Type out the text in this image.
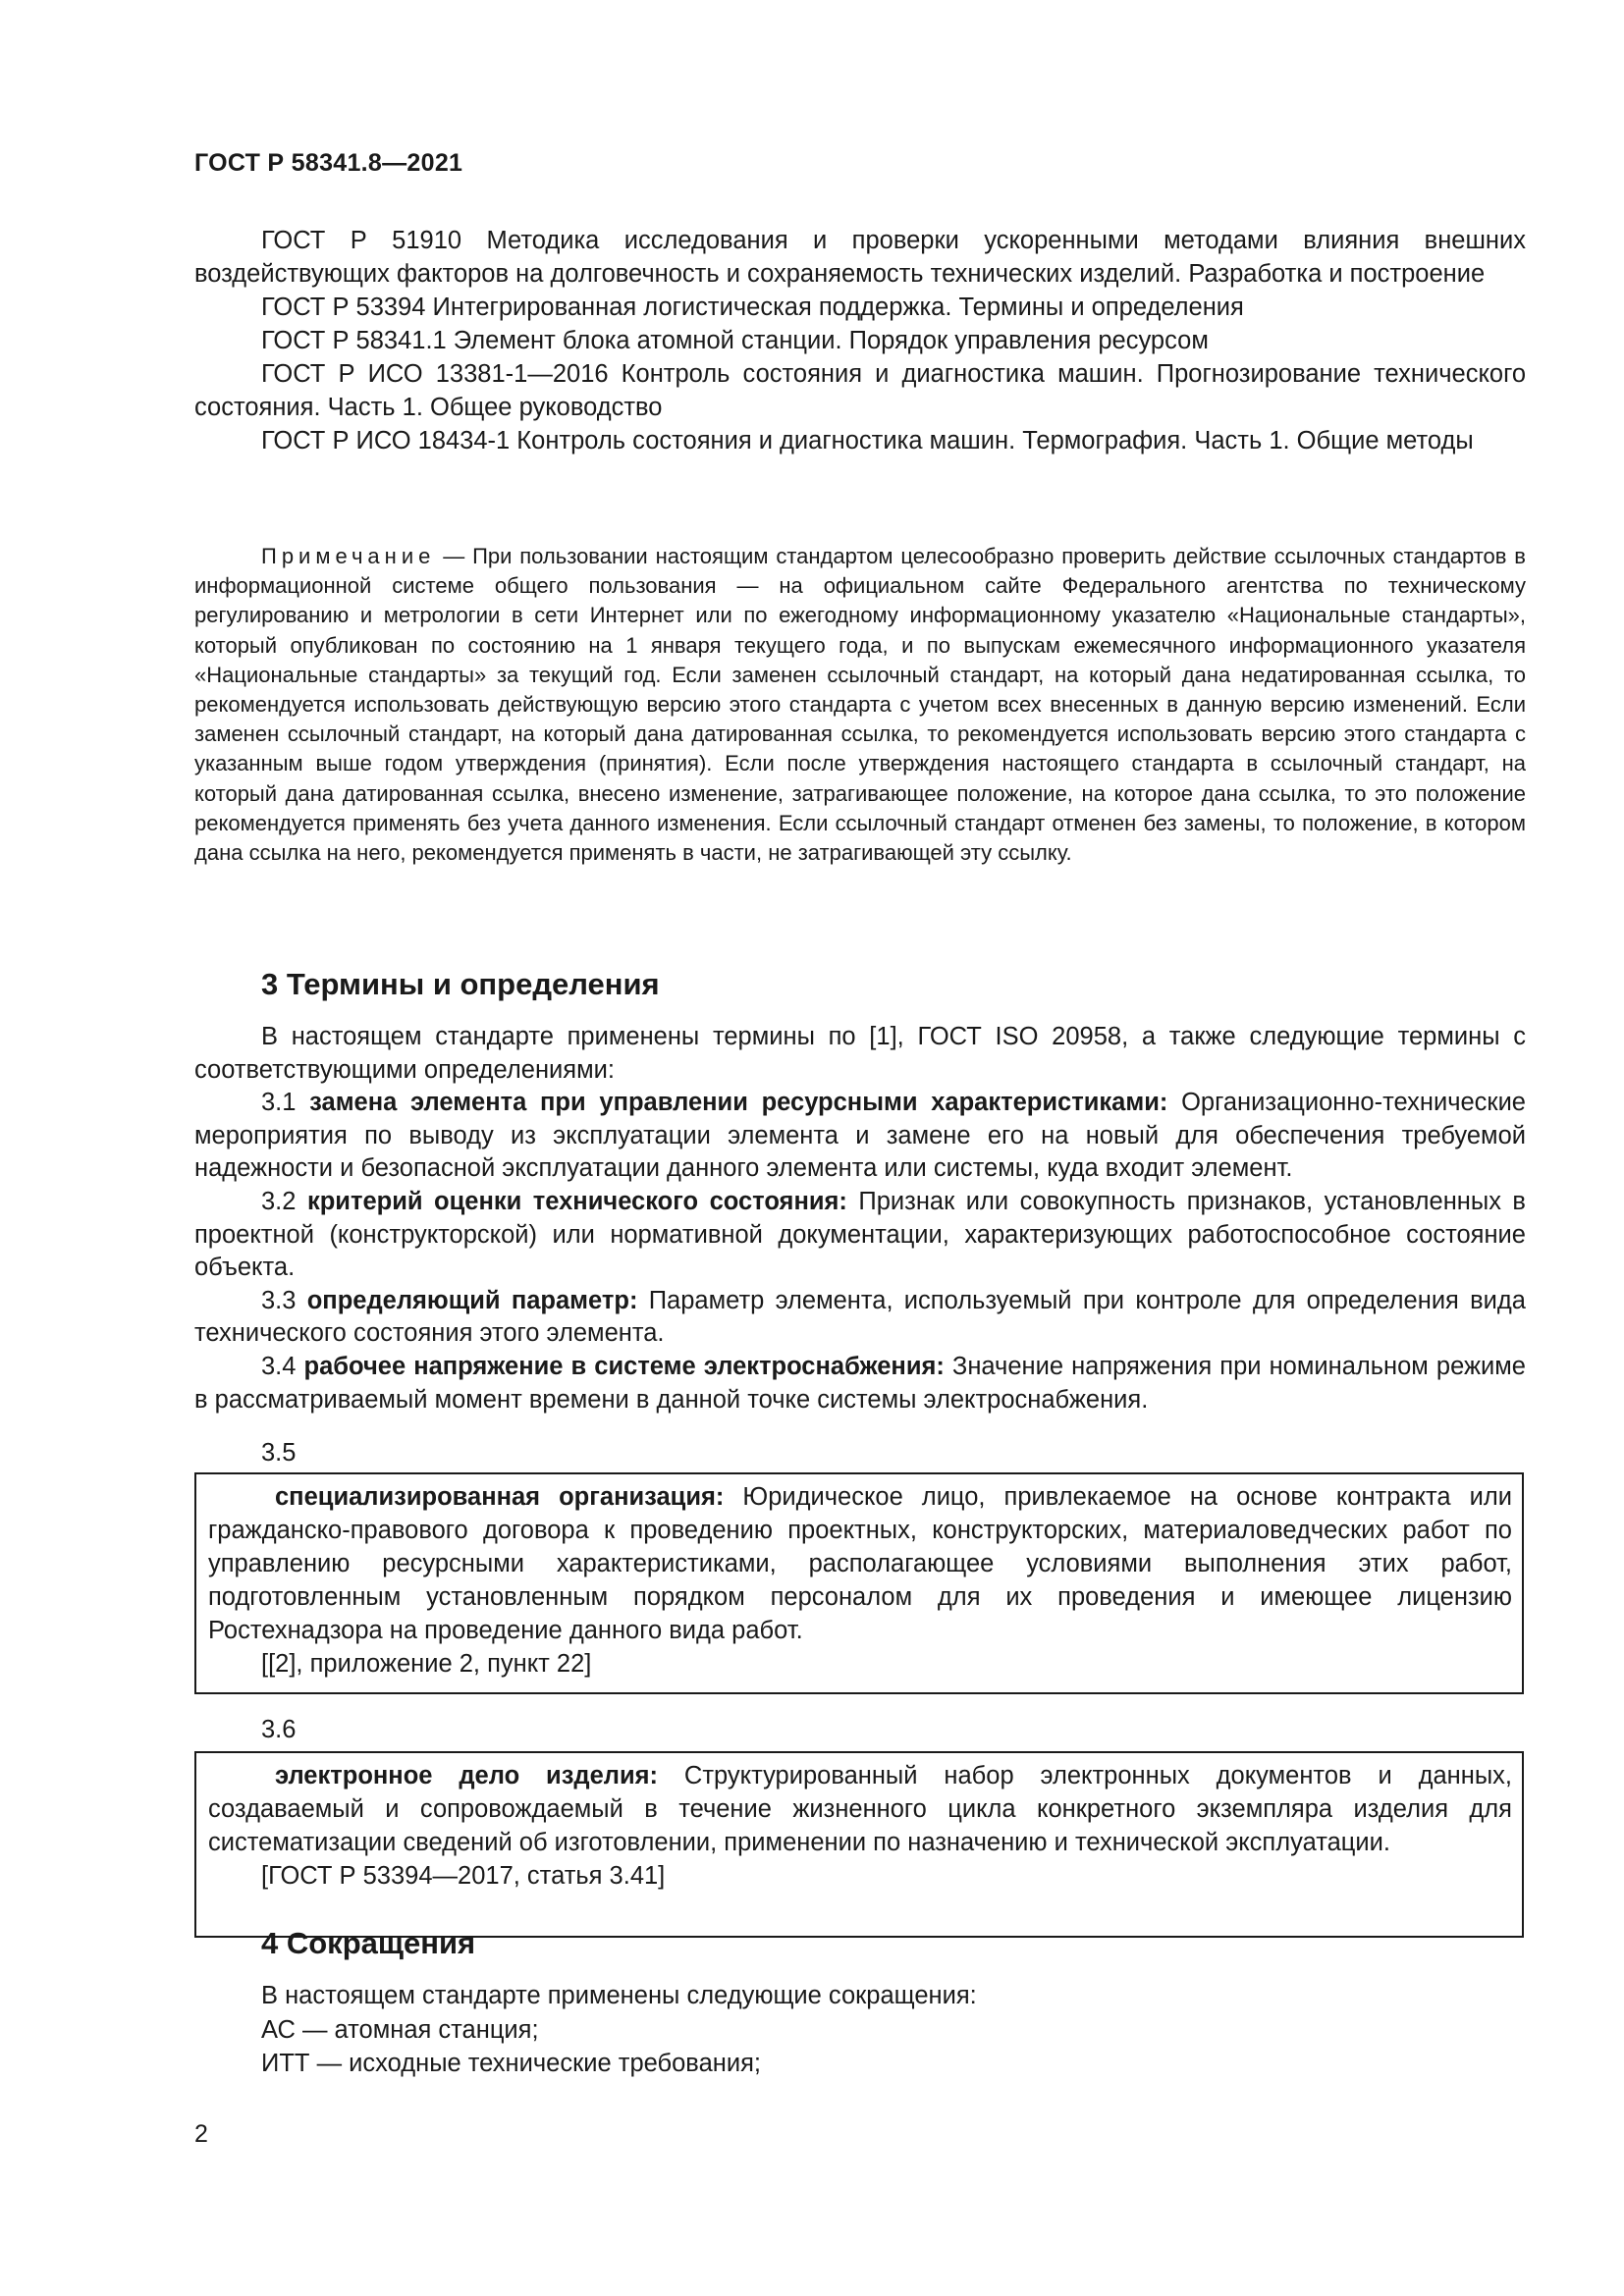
ГОСТ Р 58341.8—2021

ГОСТ Р 51910 Методика исследования и проверки ускоренными методами влияния внешних воздействующих факторов на долговечность и сохраняемость технических изделий. Разработка и построение

ГОСТ Р 53394 Интегрированная логистическая поддержка. Термины и определения

ГОСТ Р 58341.1 Элемент блока атомной станции. Порядок управления ресурсом

ГОСТ Р ИСО 13381-1—2016 Контроль состояния и диагностика машин. Прогнозирование технического состояния. Часть 1. Общее руководство

ГОСТ Р ИСО 18434-1 Контроль состояния и диагностика машин. Термография. Часть 1. Общие методы

Примечание — При пользовании настоящим стандартом целесообразно проверить действие ссылочных стандартов в информационной системе общего пользования — на официальном сайте Федерального агентства по техническому регулированию и метрологии в сети Интернет или по ежегодному информационному указателю «Национальные стандарты», который опубликован по состоянию на 1 января текущего года, и по выпускам ежемесячного информационного указателя «Национальные стандарты» за текущий год. Если заменен ссылочный стандарт, на который дана недатированная ссылка, то рекомендуется использовать действующую версию этого стандарта с учетом всех внесенных в данную версию изменений. Если заменен ссылочный стандарт, на который дана датированная ссылка, то рекомендуется использовать версию этого стандарта с указанным выше годом утверждения (принятия). Если после утверждения настоящего стандарта в ссылочный стандарт, на который дана датированная ссылка, внесено изменение, затрагивающее положение, на которое дана ссылка, то это положение рекомендуется применять без учета данного изменения. Если ссылочный стандарт отменен без замены, то положение, в котором дана ссылка на него, рекомендуется применять в части, не затрагивающей эту ссылку.
3 Термины и определения

В настоящем стандарте применены термины по [1], ГОСТ ISO 20958, а также следующие термины с соответствующими определениями:

3.1 замена элемента при управлении ресурсными характеристиками: Организационно-технические мероприятия по выводу из эксплуатации элемента и замене его на новый для обеспечения требуемой надежности и безопасной эксплуатации данного элемента или системы, куда входит элемент.

3.2 критерий оценки технического состояния: Признак или совокупность признаков, установленных в проектной (конструкторской) или нормативной документации, характеризующих работоспособное состояние объекта.

3.3 определяющий параметр: Параметр элемента, используемый при контроле для определения вида технического состояния этого элемента.

3.4 рабочее напряжение в системе электроснабжения: Значение напряжения при номинальном режиме в рассматриваемый момент времени в данной точке системы электроснабжения.

3.5

специализированная организация: Юридическое лицо, привлекаемое на основе контракта или гражданско-правового договора к проведению проектных, конструкторских, материаловедческих работ по управлению ресурсными характеристиками, располагающее условиями выполнения этих работ, подготовленным установленным порядком персоналом для их проведения и имеющее лицензию Ростехнадзора на проведение данного вида работ.

[[2], приложение 2, пункт 22]

3.6

электронное дело изделия: Структурированный набор электронных документов и данных, создаваемый и сопровождаемый в течение жизненного цикла конкретного экземпляра изделия для систематизации сведений об изготовлении, применении по назначению и технической эксплуатации.

[ГОСТ Р 53394—2017, статья 3.41]

4 Сокращения

В настоящем стандарте применены следующие сокращения:

АС — атомная станция;

ИТТ — исходные технические требования;

2
